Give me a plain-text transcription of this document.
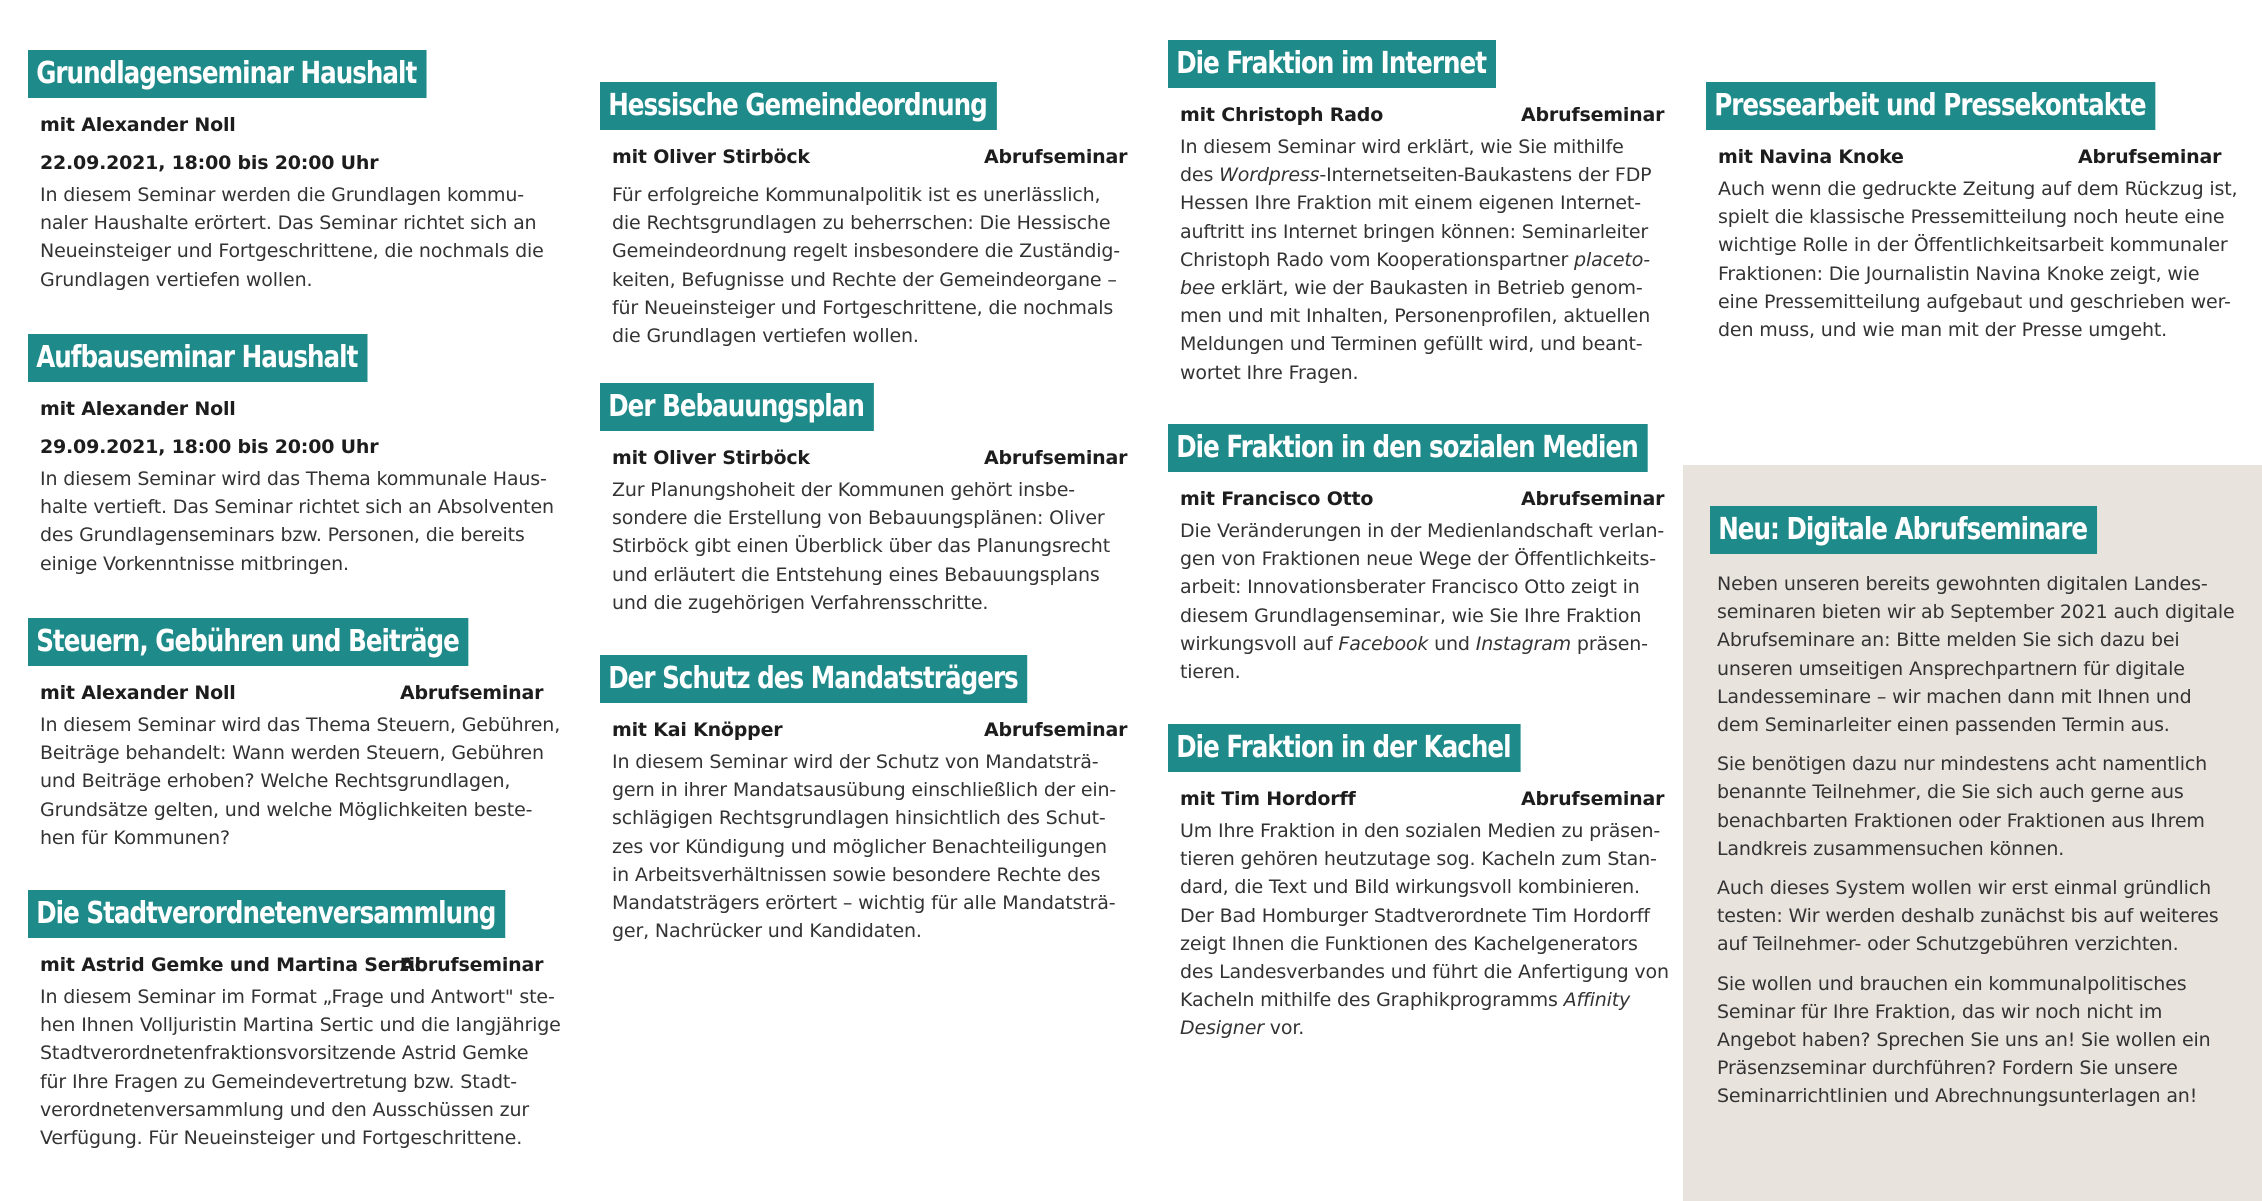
Grundlagenseminar Haushalt
mit Alexander Noll
22.09.2021, 18:00 bis 20:00 Uhr
In diesem Seminar werden die Grundlagen kommu-
naler Haushalte erörtert. Das Seminar richtet sich an
Neueinsteiger und Fortgeschrittene, die nochmals die
Grundlagen vertiefen wollen.
Aufbauseminar Haushalt
mit Alexander Noll
29.09.2021, 18:00 bis 20:00 Uhr
In diesem Seminar wird das Thema kommunale Haus-
halte vertieft. Das Seminar richtet sich an Absolventen
des Grundlagenseminars bzw. Personen, die bereits
einige Vorkenntnisse mitbringen.
Steuern, Gebühren und Beiträge
mit Alexander Noll	Abrufseminar
In diesem Seminar wird das Thema Steuern, Gebühren,
Beiträge behandelt: Wann werden Steuern, Gebühren
und Beiträge erhoben? Welche Rechtsgrundlagen,
Grundsätze gelten, und welche Möglichkeiten beste-
hen für Kommunen?
Die Stadtverordnetenversammlung
mit Astrid Gemke und Martina Sertic
Abrufseminar
In diesem Seminar im Format „Frage und Antwort" ste-
hen Ihnen Volljuristin Martina Sertic und die langjährige
Stadtverordnetenfraktionsvorsitzende Astrid Gemke
für Ihre Fragen zu Gemeindevertretung bzw. Stadt-
verordnetenversammlung und den Ausschüssen zur
Verfügung. Für Neueinsteiger und Fortgeschrittene.
Hessische Gemeindeordnung
mit Oliver Stirböck	Abrufseminar
Für erfolgreiche Kommunalpolitik ist es unerlässlich,
die Rechtsgrundlagen zu beherrschen: Die Hessische
Gemeindeordnung regelt insbesondere die Zuständig-
keiten, Befugnisse und Rechte der Gemeindeorgane –
für Neueinsteiger und Fortgeschrittene, die nochmals
die Grundlagen vertiefen wollen.
Der Bebauungsplan
mit Oliver Stirböck	Abrufseminar
Zur Planungshoheit der Kommunen gehört insbe-
sondere die Erstellung von Bebauungsplänen: Oliver
Stirböck gibt einen Überblick über das Planungsrecht
und erläutert die Entstehung eines Bebauungsplans
und die zugehörigen Verfahrensschritte.
Der Schutz des Mandatsträgers
mit Kai Knöpper	Abrufseminar
In diesem Seminar wird der Schutz von Mandatsträ-
gern in ihrer Mandatsausübung einschließlich der ein-
schlägigen Rechtsgrundlagen hinsichtlich des Schut-
zes vor Kündigung und möglicher Benachteiligungen
in Arbeitsverhältnissen sowie besondere Rechte des
Mandatsträgers erörtert – wichtig für alle Mandatsträ-
ger, Nachrücker und Kandidaten.
Die Fraktion im Internet
mit Christoph Rado	Abrufseminar
In diesem Seminar wird erklärt, wie Sie mithilfe
des Wordpress-Internetseiten-Baukastens der FDP
Hessen Ihre Fraktion mit einem eigenen Internet-
auftritt ins Internet bringen können: Seminarleiter
Christoph Rado vom Kooperationspartner placeto-
bee erklärt, wie der Baukasten in Betrieb genom-
men und mit Inhalten, Personenprofilen, aktuellen
Meldungen und Terminen gefüllt wird, und beant-
wortet Ihre Fragen.
Die Fraktion in den sozialen Medien
mit Francisco Otto	Abrufseminar
Die Veränderungen in der Medienlandschaft verlan-
gen von Fraktionen neue Wege der Öffentlichkeits-
arbeit: Innovationsberater Francisco Otto zeigt in
diesem Grundlagenseminar, wie Sie Ihre Fraktion
wirkungsvoll auf Facebook und Instagram präsen-
tieren.
Die Fraktion in der Kachel
mit Tim Hordorff	Abrufseminar
Um Ihre Fraktion in den sozialen Medien zu präsen-
tieren gehören heutzutage sog. Kacheln zum Stan-
dard, die Text und Bild wirkungsvoll kombinieren.
Der Bad Homburger Stadtverordnete Tim Hordorff
zeigt Ihnen die Funktionen des Kachelgenerators
des Landesverbandes und führt die Anfertigung von
Kacheln mithilfe des Graphikprogramms Affinity
Designer vor.
Pressearbeit und Pressekontakte
mit Navina Knoke	Abrufseminar
Auch wenn die gedruckte Zeitung auf dem Rückzug ist,
spielt die klassische Pressemitteilung noch heute eine
wichtige Rolle in der Öffentlichkeitsarbeit kommunaler
Fraktionen: Die Journalistin Navina Knoke zeigt, wie
eine Pressemitteilung aufgebaut und geschrieben wer-
den muss, und wie man mit der Presse umgeht.
Neu: Digitale Abrufseminare
Neben unseren bereits gewohnten digitalen Landes-
seminaren bieten wir ab September 2021 auch digitale
Abrufseminare an: Bitte melden Sie sich dazu bei
unseren umseitigen Ansprechpartnern für digitale
Landesseminare – wir machen dann mit Ihnen und
dem Seminarleiter einen passenden Termin aus.
Sie benötigen dazu nur mindestens acht namentlich
benannte Teilnehmer, die Sie sich auch gerne aus
benachbarten Fraktionen oder Fraktionen aus Ihrem
Landkreis zusammensuchen können.
Auch dieses System wollen wir erst einmal gründlich
testen: Wir werden deshalb zunächst bis auf weiteres
auf Teilnehmer- oder Schutzgebühren verzichten.
Sie wollen und brauchen ein kommunalpolitisches
Seminar für Ihre Fraktion, das wir noch nicht im
Angebot haben? Sprechen Sie uns an! Sie wollen ein
Präsenzseminar durchführen? Fordern Sie unsere
Seminarrichtlinien und Abrechnungsunterlagen an!
